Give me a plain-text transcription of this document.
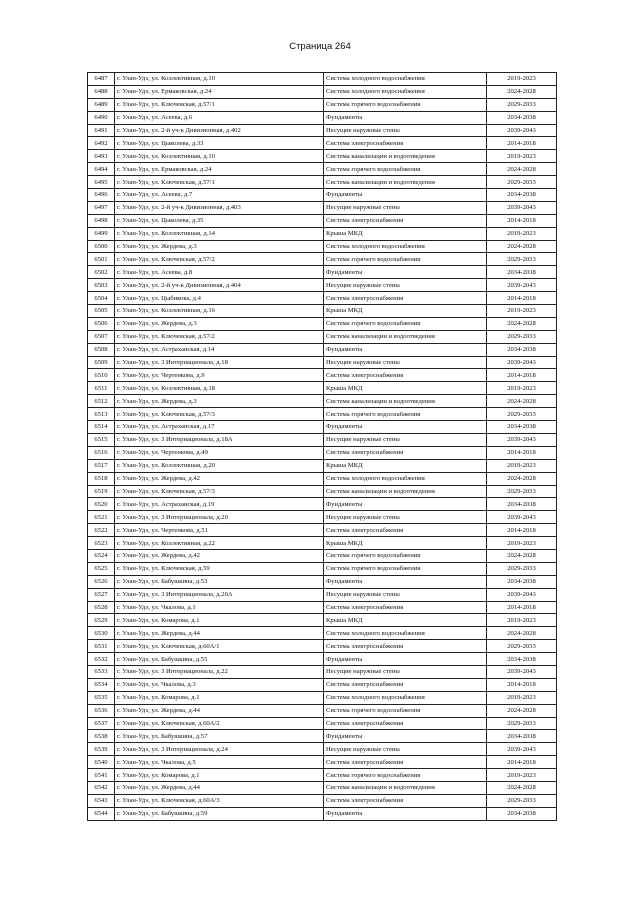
Страница 264
6487	г. Улан-Удэ, ул. Коллективная, д.10	Система холодного водоснабжения	2019-2023
6488	г. Улан-Удэ, ул. Ермаковская, д.24	Система холодного водоснабжения	2024-2028
6489	г. Улан-Удэ, ул. Ключевская, д.57/1	Система горячего водоснабжения	2029-2033
6490	г. Улан-Удэ, ул. Асеева, д.6	Фундаменты	2034-2038
6491	г. Улан-Удэ, ул. 2-й уч-к Дивизионная, д.402	Несущие наружные стены	2039-2043
6492	г. Улан-Удэ, ул. Цыколева, д.33	Система электроснабжения	2014-2018
6493	г. Улан-Удэ, ул. Коллективная, д.10	Система канализации и водоотведения	2019-2023
6494	г. Улан-Удэ, ул. Ермаковская, д.24	Система горячего водоснабжения	2024-2028
6495	г. Улан-Удэ, ул. Ключевская, д.57/1	Система канализации и водоотведения	2029-2033
6496	г. Улан-Удэ, ул. Асеева, д.7	Фундаменты	2034-2038
6497	г. Улан-Удэ, ул. 2-й уч-к Дивизионная, д.403	Несущие наружные стены	2039-2043
6498	г. Улан-Удэ, ул. Цыколева, д.35	Система электроснабжения	2014-2018
6499	г. Улан-Удэ, ул. Коллективная, д.14	Крыша МКД	2019-2023
6500	г. Улан-Удэ, ул. Жердева, д.3	Система холодного водоснабжения	2024-2028
6501	г. Улан-Удэ, ул. Ключевская, д.57/2	Система горячего водоснабжения	2029-2033
6502	г. Улан-Удэ, ул. Асеева, д.8	Фундаменты	2034-2038
6503	г. Улан-Удэ, ул. 2-й уч-к Дивизионная, д.404	Несущие наружные стены	2039-2043
6504	г. Улан-Удэ, ул. Цыбикова, д.4	Система электроснабжения	2014-2018
6505	г. Улан-Удэ, ул. Коллективная, д.16	Крыша МКД	2019-2023
6506	г. Улан-Удэ, ул. Жердева, д.3	Система горячего водоснабжения	2024-2028
6507	г. Улан-Удэ, ул. Ключевская, д.57/2	Система канализации и водоотведения	2029-2033
6508	г. Улан-Удэ, ул. Астраханская, д.14	Фундаменты	2034-2038
6509	г. Улан-Удэ, ул. 3 Интернационала, д.18	Несущие наружные стены	2039-2043
6510	г. Улан-Удэ, ул. Чертенкова, д.9	Система электроснабжения	2014-2018
6511	г. Улан-Удэ, ул. Коллективная, д.18	Крыша МКД	2019-2023
6512	г. Улан-Удэ, ул. Жердева, д.3	Система канализации и водоотведения	2024-2028
6513	г. Улан-Удэ, ул. Ключевская, д.57/3	Система горячего водоснабжения	2029-2033
6514	г. Улан-Удэ, ул. Астраханская, д.17	Фундаменты	2034-2038
6515	г. Улан-Удэ, ул. 3 Интернационала, д.18А	Несущие наружные стены	2039-2043
6516	г. Улан-Удэ, ул. Чертенкова, д.49	Система электроснабжения	2014-2018
6517	г. Улан-Удэ, ул. Коллективная, д.20	Крыша МКД	2019-2023
6518	г. Улан-Удэ, ул. Жердева, д.42	Система холодного водоснабжения	2024-2028
6519	г. Улан-Удэ, ул. Ключевская, д.57/3	Система канализации и водоотведения	2029-2033
6520	г. Улан-Удэ, ул. Астраханская, д.19	Фундаменты	2034-2038
6521	г. Улан-Удэ, ул. 3 Интернационала, д.20	Несущие наружные стены	2039-2043
6522	г. Улан-Удэ, ул. Чертенкова, д.51	Система электроснабжения	2014-2018
6523	г. Улан-Удэ, ул. Коллективная, д.22	Крыша МКД	2019-2023
6524	г. Улан-Удэ, ул. Жердева, д.42	Система горячего водоснабжения	2024-2028
6525	г. Улан-Удэ, ул. Ключевская, д.59	Система горячего водоснабжения	2029-2033
6526	г. Улан-Удэ, ул. Бабушкина, д.53	Фундаменты	2034-2038
6527	г. Улан-Удэ, ул. 3 Интернационала, д.20А	Несущие наружные стены	2039-2043
6528	г. Улан-Удэ, ул. Чкалова, д.1	Система электроснабжения	2014-2018
6529	г. Улан-Удэ, ул. Комарова, д.1	Крыша МКД	2019-2023
6530	г. Улан-Удэ, ул. Жердева, д.44	Система холодного водоснабжения	2024-2028
6531	г. Улан-Удэ, ул. Ключевская, д.60А/1	Система электроснабжения	2029-2033
6532	г. Улан-Удэ, ул. Бабушкина, д.55	Фундаменты	2034-2038
6533	г. Улан-Удэ, ул. 3 Интернационала, д.22	Несущие наружные стены	2039-2043
6534	г. Улан-Удэ, ул. Чкалова, д.3	Система электроснабжения	2014-2018
6535	г. Улан-Удэ, ул. Комарова, д.1	Система холодного водоснабжения	2019-2023
6536	г. Улан-Удэ, ул. Жердева, д.44	Система горячего водоснабжения	2024-2028
6537	г. Улан-Удэ, ул. Ключевская, д.60А/2	Система электроснабжения	2029-2033
6538	г. Улан-Удэ, ул. Бабушкина, д.57	Фундаменты	2034-2038
6539	г. Улан-Удэ, ул. 3 Интернационала, д.24	Несущие наружные стены	2039-2043
6540	г. Улан-Удэ, ул. Чкалова, д.5	Система электроснабжения	2014-2018
6541	г. Улан-Удэ, ул. Комарова, д.1	Система горячего водоснабжения	2019-2023
6542	г. Улан-Удэ, ул. Жердева, д.44	Система канализации и водоотведения	2024-2028
6543	г. Улан-Удэ, ул. Ключевская, д.60А/3	Система электроснабжения	2029-2033
6544	г. Улан-Удэ, ул. Бабушкина, д.59	Фундаменты	2034-2038
